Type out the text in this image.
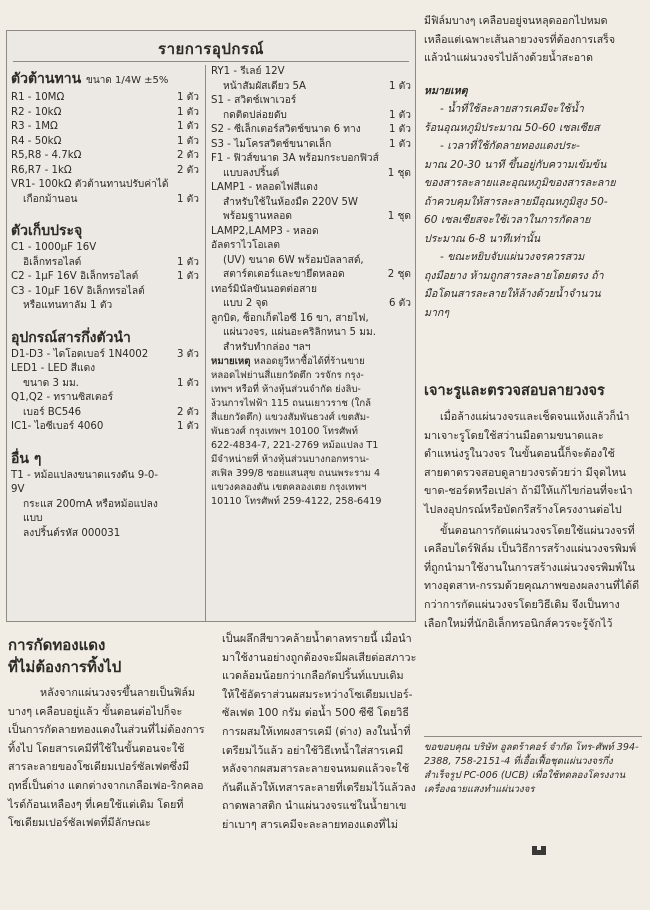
รายการอุปกรณ์
ตัวต้านทาน ขนาด 1/4W ±5%
R1 - 10MΩ	1 ตัว
R2 - 10kΩ	1 ตัว
R3 - 1MΩ	1 ตัว
R4 - 50kΩ	1 ตัว
R5,R8 - 4.7kΩ	2 ตัว
R6,R7 - 1kΩ	2 ตัว
VR1- 100kΩ ตัวต้านทานปรับค่าได้
เกือกม้านอน	1 ตัว
ตัวเก็บประจุ
C1 - 1000μF 16V
อิเล็กทรอไลต์	1 ตัว
C2 - 1μF 16V อิเล็กทรอไลต์	1 ตัว
C3 - 10μF 16V อิเล็กทรอไลต์
หรือแทนทาลัม 1 ตัว
อุปกรณ์สารกึ่งตัวนำ
D1-D3 - ไดโอดเบอร์ 1N4002	3 ตัว
LED1 - LED สีแดง
ขนาด 3 มม.	1 ตัว
Q1,Q2 - ทรานซิสเตอร์
เบอร์ BC546	2 ตัว
IC1- ไอซีเบอร์ 4060	1 ตัว
อื่น ๆ
T1 - หม้อแปลงขนาดแรงดัน 9-0-9V
กระแส 200mA หรือหม้อแปลงแบบ
ลงปริ้นต์รหัส 000031
RY1 - รีเลย์ 12V
หน้าสัมผัสเดียว 5A	1 ตัว
S1 - สวิตช์เพาเวอร์
กดติดปล่อยดับ	1 ตัว
S2 - ซีเล็กเตอร์สวิตช์ขนาด 6 ทาง	1 ตัว
S3 - ไมโครสวิตช์ขนาดเล็ก	1 ตัว
F1 - ฟิวส์ขนาด 3A พร้อมกระบอกฟิวส์
แบบลงปริ้นต์	1 ชุด
LAMP1 - หลอดไฟสีแดง
สำหรับใช้ในห้องมืด 220V 5W
พร้อมฐานหลอด	1 ชุด
LAMP2,LAMP3 - หลอดอัลตราไวโอเลต
(UV) ขนาด 6W พร้อมบัลลาสต์,
สตาร์ตเตอร์และขายึดหลอด	2 ชุด
เทอร์มินัลขันนอตต่อสาย
แบบ 2 จุด	6 ตัว
ลูกบิด, ซ็อกเก็ตไอซี 16 ขา, สายไฟ,
แผ่นวงจร, แผ่นอะคริลิกหนา 5 มม.
สำหรับทำกล่อง ฯลฯ
หมายเหตุ หลอดยูวีหาซื้อได้ที่ร้านขาย
หลอดไฟย่านสี่แยกวัดตึก วรจักร กรุง-
เทพฯ หรือที่ ห้างหุ้นส่วนจำกัด ย่งลิบ-
ง้วนการไฟฟ้า 115 ถนนเยาวราช (ใกล้
สี่แยกวัดตึก) แขวงสัมพันธวงศ์ เขตสัม-
พันธวงศ์ กรุงเทพฯ 10100 โทรศัพท์
622-4834-7, 221-2769 หม้อแปลง T1
มีจำหน่ายที่ ห้างหุ้นส่วนบางกอกทราน-
สเฟิล 399/8 ซอยแสนสุข ถนนพระราม 4
แขวงคลองตัน เขตคลองเตย กรุงเทพฯ
10110 โทรศัพท์ 259-4122, 258-6419

มีฟิล์มบางๆ เคลือบอยู่จนหลุดออกไปหมด

เหลือแต่เฉพาะเส้นลายวงจรที่ต้องการเสร็จ

แล้วนำแผ่นวงจรไปล้างด้วยน้ำสะอาด

หมายเหตุ

- น้ำที่ใช้ละลายสารเคมีจะใช้น้ำ

ร้อนอุณหภูมิประมาณ 50-60 เซลเซียส

- เวลาที่ใช้กัดลายทองแดงประ-

มาณ 20-30 นาที ขึ้นอยู่กับความเข้มข้น

ของสารละลายและอุณหภูมิของสารละลาย

ถ้าควบคุมให้สารละลายมีอุณหภูมิสูง 50-

60 เซลเซียสจะใช้เวลาในการกัดลาย

ประมาณ 6-8 นาทีเท่านั้น

- ขณะหยิบจับแผ่นวงจรควรสวม

ถุงมือยาง ห้ามถูกสารละลายโดยตรง ถ้า

มือโดนสารละลายให้ล้างด้วยน้ำจำนวน

มากๆ

เจาะรูและตรวจสอบลายวงจร

เมื่อล้างแผ่นวงจรและเช็ดจนแห้งแล้วก็นำมาเจาะรูโดยใช้สว่านมือตามขนาดและตำแหน่งรูในวงจร ในขั้นตอนนี้ก็จะต้องใช้สายตาตรวจสอบดูลายวงจรด้วยว่า มีจุดไหนขาด-ชอร์ตหรือเปล่า ถ้ามีให้แก้ไขก่อนที่จะนำไปลงอุปกรณ์หรือบัดกรีสร้างโครงงานต่อไป

ขั้นตอนการกัดแผ่นวงจรโดยใช้แผ่นวงจรที่เคลือบไดร์ฟิล์ม เป็นวิธีการสร้างแผ่นวงจรพิมพ์ที่ถูกนำมาใช้งานในการสร้างแผ่นวงจรพิมพ์ในทางอุตสาห-กรรมด้วยคุณภาพของผลงานที่ได้ดีกว่าการกัดแผ่นวงจรโดยวิธีเดิม จึงเป็นทางเลือกใหม่ที่นักอิเล็กทรอนิกส์ควรจะรู้จักไว้

ขอขอบคุณ บริษัท อูลตร้าคอร์ จำกัด โทร-ศัพท์ 394-2388, 758-2151-4 ที่เอื้อเฟื้อชุดแผ่นวงจรกึ่งสำเร็จรูป PC-006 (UCB) เพื่อใช้ทดลองโครงงานเครื่องฉายแสงทำแผ่นวงจร
การกัดทองแดง
ที่ไม่ต้องการทิ้งไป

หลังจากแผ่นวงจรขึ้นลายเป็นฟิล์มบางๆ เคลือบอยู่แล้ว ขั้นตอนต่อไปก็จะเป็นการกัดลายทองแดงในส่วนที่ไม่ต้องการทิ้งไป โดยสารเคมีที่ใช้ในขั้นตอนจะใช้สารละลายของโซเดียมเปอร์ซัลเฟตซึ่งมีฤทธิ์เป็นด่าง แตกต่างจากเกลือเฟอ-ริกคลอไรด์ก้อนเหลืองๆ ที่เคยใช้แต่เดิม โดยที่โซเดียมเปอร์ซัลเฟตที่มีลักษณะ

เป็นผลึกสีขาวคล้ายน้ำตาลทรายนี้ เมื่อนำมาใช้งานอย่างถูกต้องจะมีผลเสียต่อสภาวะแวดล้อมน้อยกว่าเกลือกัดปริ้นท์แบบเดิม ให้ใช้อัตราส่วนผสมระหว่างโซเดียมเปอร์-ซัลเฟต 100 กรัม ต่อน้ำ 500 ซีซี โดยวิธีการผสมให้เทผงสารเคมี (ด่าง) ลงในน้ำที่เตรียมไว้แล้ว อย่าใช้วิธีเทน้ำใส่สารเคมีหลังจากผสมสารละลายจนหมดแล้วจะใช้กันดีแล้วให้เทสารละลายที่เตรียมไว้แล้วลงถาดพลาสติก นำแผ่นวงจรแช่ในน้ำยาเขย่าเบาๆ สารเคมีจะละลายทองแดงที่ไม่
